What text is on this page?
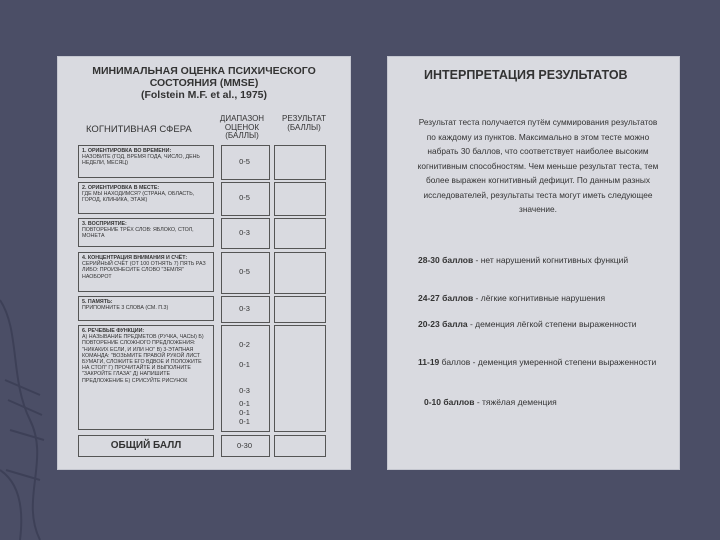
МИНИМАЛЬНАЯ ОЦЕНКА ПСИХИЧЕСКОГО
СОСТОЯНИЯ (MMSE)
(Folstein M.F. et al., 1975)
КОГНИТИВНАЯ СФЕРА
ДИАПАЗОН ОЦЕНОК (БАЛЛЫ)
РЕЗУЛЬТАТ (БАЛЛЫ)
1. ОРИЕНТИРОВКА ВО ВРЕМЕНИ:
НАЗОВИТЕ (ГОД, ВРЕМЯ ГОДА, ЧИСЛО, ДЕНЬ НЕДЕЛИ, МЕСЯЦ)	0-5
2. ОРИЕНТИРОВКА В МЕСТЕ:
ГДЕ МЫ НАХОДИМСЯ? (СТРАНА, ОБЛАСТЬ, ГОРОД, КЛИНИКА, ЭТАЖ)	0-5
3. ВОСПРИЯТИЕ:
ПОВТОРЕНИЕ ТРЁХ СЛОВ: ЯБЛОКО, СТОЛ, МОНЕТА	0-3
4. КОНЦЕНТРАЦИЯ ВНИМАНИЯ И СЧЁТ:
СЕРИЙНЫЙ СЧЁТ (ОТ 100 ОТНЯТЬ 7) ПЯТЬ РАЗ ЛИБО: ПРОИЗНЕСИТЕ СЛОВО "ЗЕМЛЯ" НАОБОРОТ
0-5
5. ПАМЯТЬ:
ПРИПОМНИТЕ 3 СЛОВА (СМ. П.3)	0-3
6. РЕЧЕВЫЕ ФУНКЦИИ:
А) НАЗЫВАНИЕ ПРЕДМЕТОВ (РУЧКА, ЧАСЫ) Б) ПОВТОРЕНИЕ СЛОЖНОГО ПРЕДЛОЖЕНИЯ: "НИКАКИХ ЕСЛИ, И ИЛИ НО" В) 3-ЭТАПНАЯ КОМАНДА: "ВОЗЬМИТЕ ПРАВОЙ РУКОЙ ЛИСТ БУМАГИ, СЛОЖИТЕ ЕГО ВДВОЕ И ПОЛОЖИТЕ НА СТОЛ" Г) ПРОЧИТАЙТЕ И ВЫПОЛНИТЕ "ЗАКРОЙТЕ ГЛАЗА" Д) НАПИШИТЕ ПРЕДЛОЖЕНИЕ Е) СРИСУЙТЕ РИСУНОК
0-2
0-1
0-3
0-1
0-1
0-1
ОБЩИЙ БАЛЛ	0-30
ИНТЕРПРЕТАЦИЯ РЕЗУЛЬТАТОВ
Результат теста получается путём суммирования результатов по каждому из пунктов. Максимально в этом тесте можно набрать 30 баллов, что соответствует наиболее высоким когнитивным способностям. Чем меньше результат теста, тем более выражен когнитивный дефицит. По данным разных исследователей, результаты теста могут иметь следующее значение.
28-30 баллов - нет нарушений когнитивных функций
24-27 баллов - лёгкие когнитивные нарушения
20-23 балла - деменция лёгкой степени выраженности
11-19 баллов - деменция умеренной степени выраженности
0-10 баллов - тяжёлая деменция
